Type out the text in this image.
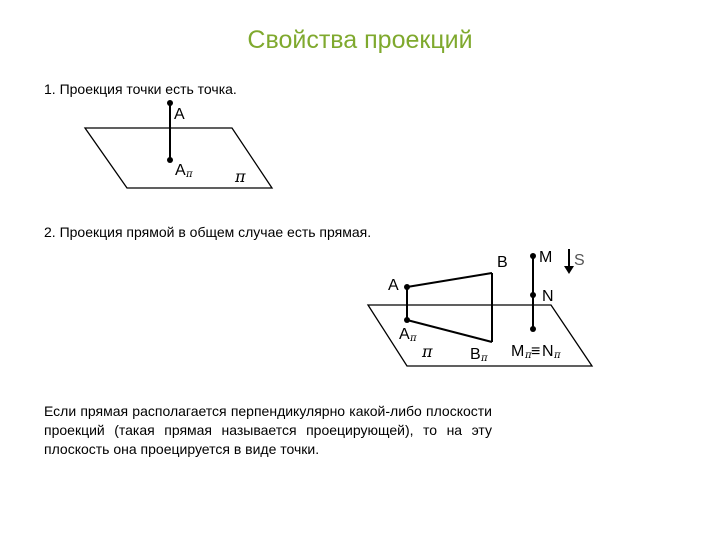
Свойства проекций
1. Проекция точки есть точка.
2. Проекция прямой в общем случае есть прямая.
Если прямая располагается перпендикулярно какой-либо плоскости проекций (такая прямая называется проецирующей), то на эту плоскость она проецируется в виде точки.
A
A π	π
A
B
A π
B π
π
M
N
S
M π ≡ N π
